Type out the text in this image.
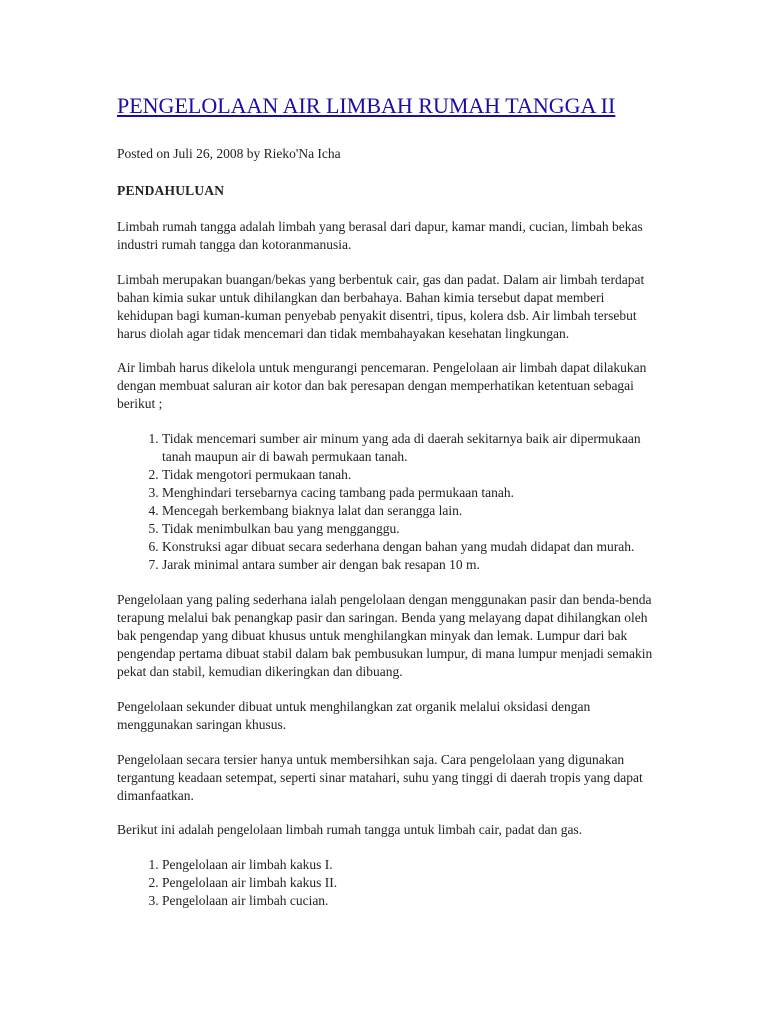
PENGELOLAAN AIR LIMBAH RUMAH TANGGA II

Posted on Juli 26, 2008 by Rieko'Na Icha

PENDAHULUAN

Limbah rumah tangga adalah limbah yang berasal dari dapur, kamar mandi, cucian, limbah bekas industri rumah tangga dan kotoranmanusia.

Limbah merupakan buangan/bekas yang berbentuk cair, gas dan padat. Dalam air limbah terdapat bahan kimia sukar untuk dihilangkan dan berbahaya. Bahan kimia tersebut dapat memberi kehidupan bagi kuman-kuman penyebab penyakit disentri, tipus, kolera dsb. Air limbah tersebut harus diolah agar tidak mencemari dan tidak membahayakan kesehatan lingkungan.

Air limbah harus dikelola untuk mengurangi pencemaran. Pengelolaan air limbah dapat dilakukan dengan membuat saluran air kotor dan bak peresapan dengan memperhatikan ketentuan sebagai berikut ;

1. Tidak mencemari sumber air minum yang ada di daerah sekitarnya baik air dipermukaan tanah maupun air di bawah permukaan tanah.
2. Tidak mengotori permukaan tanah.
3. Menghindari tersebarnya cacing tambang pada permukaan tanah.
4. Mencegah berkembang biaknya lalat dan serangga lain.
5. Tidak menimbulkan bau yang mengganggu.
6. Konstruksi agar dibuat secara sederhana dengan bahan yang mudah didapat dan murah.
7. Jarak minimal antara sumber air dengan bak resapan 10 m.

Pengelolaan yang paling sederhana ialah pengelolaan dengan menggunakan pasir dan benda-benda terapung melalui bak penangkap pasir dan saringan. Benda yang melayang dapat dihilangkan oleh bak pengendap yang dibuat khusus untuk menghilangkan minyak dan lemak. Lumpur dari bak pengendap pertama dibuat stabil dalam bak pembusukan lumpur, di mana lumpur menjadi semakin pekat dan stabil, kemudian dikeringkan dan dibuang.

Pengelolaan sekunder dibuat untuk menghilangkan zat organik melalui oksidasi dengan menggunakan saringan khusus.

Pengelolaan secara tersier hanya untuk membersihkan saja. Cara pengelolaan yang digunakan tergantung keadaan setempat, seperti sinar matahari, suhu yang tinggi di daerah tropis yang dapat dimanfaatkan.

Berikut ini adalah pengelolaan limbah rumah tangga untuk limbah cair, padat dan gas.

1. Pengelolaan air limbah kakus I.
2. Pengelolaan air limbah kakus II.
3. Pengelolaan air limbah cucian.
